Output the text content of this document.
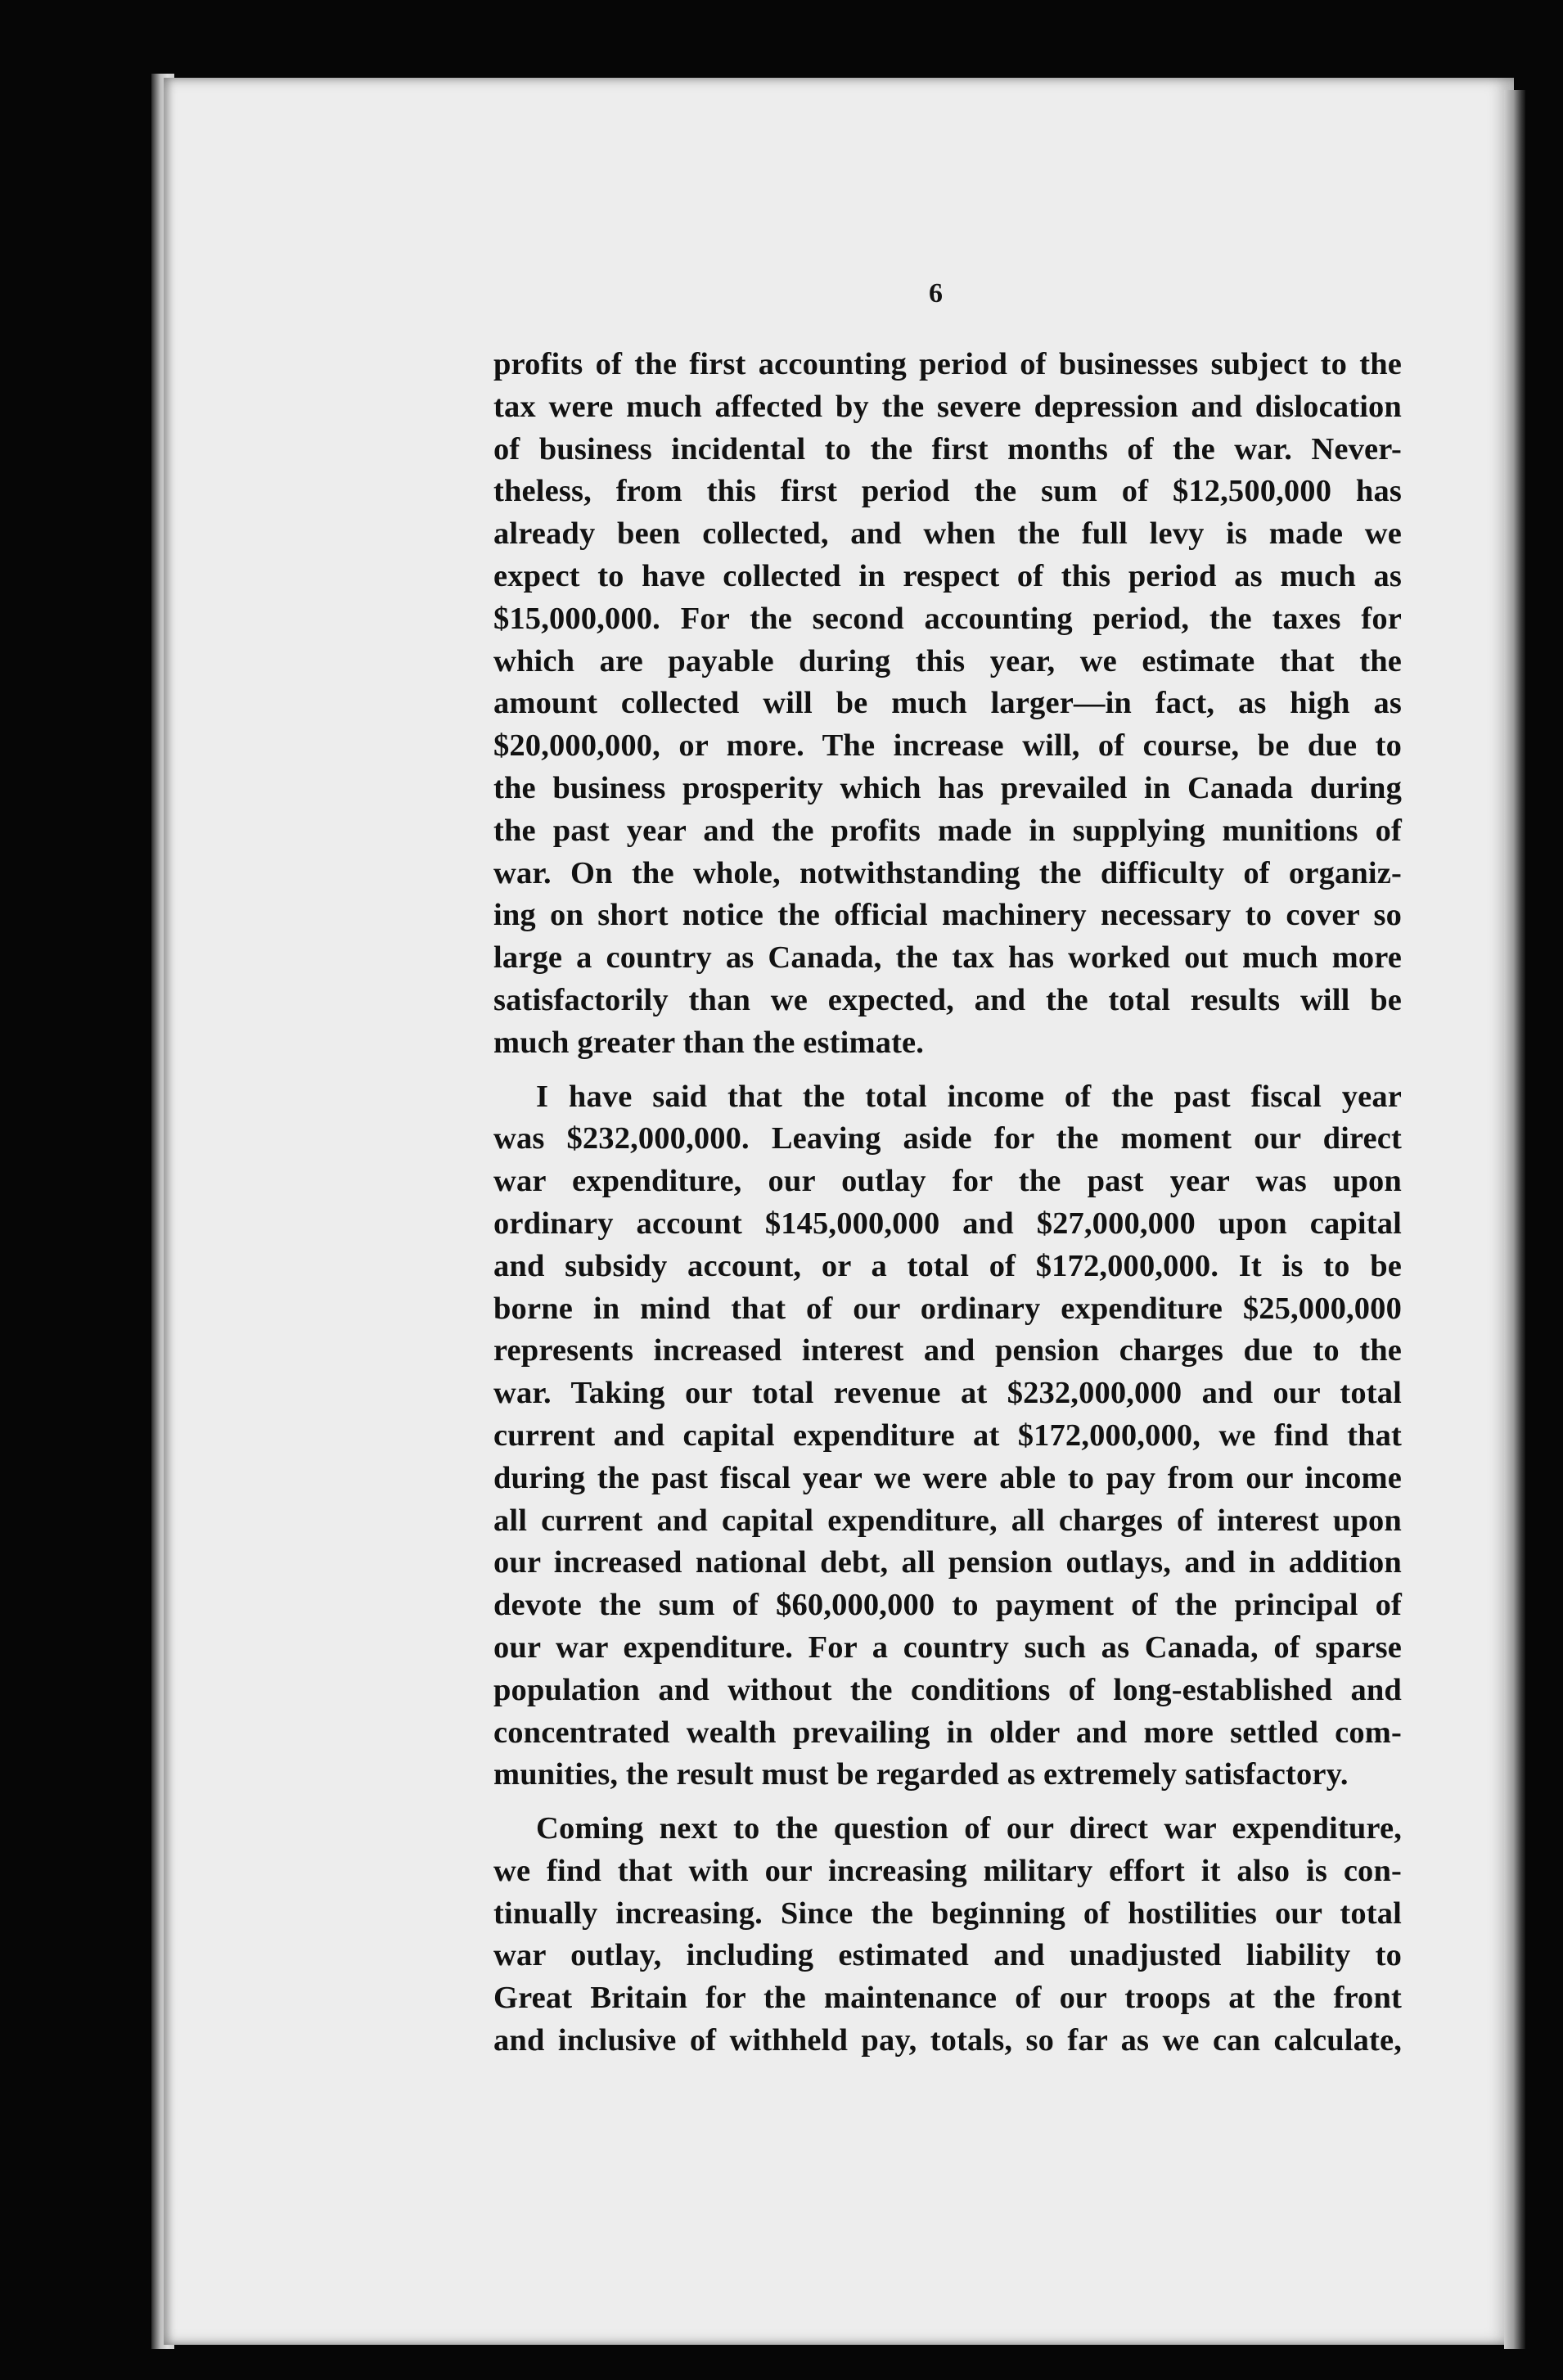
6
profits of the first accounting period of businesses subject to the
tax were much affected by the severe depression and dislocation
of business incidental to the first months of the war. Never-
theless, from this first period the sum of $12,500,000 has
already been collected, and when the full levy is made we
expect to have collected in respect of this period as much as
$15,000,000. For the second accounting period, the taxes for
which are payable during this year, we estimate that the
amount collected will be much larger—in fact, as high as
$20,000,000, or more. The increase will, of course, be due to
the business prosperity which has prevailed in Canada during
the past year and the profits made in supplying munitions of
war. On the whole, notwithstanding the difficulty of organiz-
ing on short notice the official machinery necessary to cover so
large a country as Canada, the tax has worked out much more
satisfactorily than we expected, and the total results will be
much greater than the estimate.
I have said that the total income of the past fiscal year
was $232,000,000. Leaving aside for the moment our direct
war expenditure, our outlay for the past year was upon
ordinary account $145,000,000 and $27,000,000 upon capital
and subsidy account, or a total of $172,000,000. It is to be
borne in mind that of our ordinary expenditure $25,000,000
represents increased interest and pension charges due to the
war. Taking our total revenue at $232,000,000 and our total
current and capital expenditure at $172,000,000, we find that
during the past fiscal year we were able to pay from our income
all current and capital expenditure, all charges of interest upon
our increased national debt, all pension outlays, and in addition
devote the sum of $60,000,000 to payment of the principal of
our war expenditure. For a country such as Canada, of sparse
population and without the conditions of long-established and
concentrated wealth prevailing in older and more settled com-
munities, the result must be regarded as extremely satisfactory.
Coming next to the question of our direct war expenditure,
we find that with our increasing military effort it also is con-
tinually increasing. Since the beginning of hostilities our total
war outlay, including estimated and unadjusted liability to
Great Britain for the maintenance of our troops at the front
and inclusive of withheld pay, totals, so far as we can calculate,
